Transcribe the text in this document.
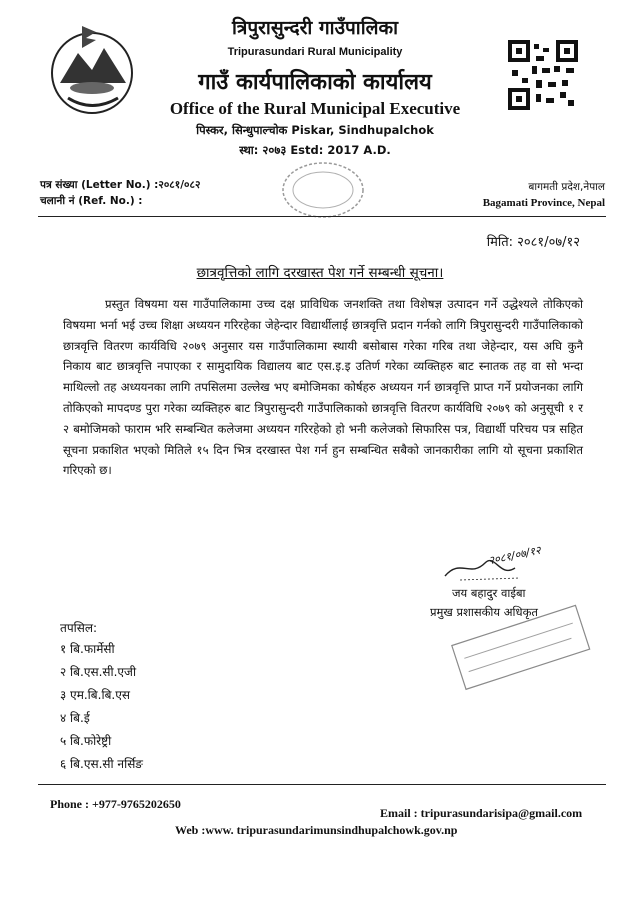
त्रिपुरासुन्दरी गाउँपालिका
Tripurasundari Rural Municipality
गाउँ कार्यपालिकाको कार्यालय
Office of the Rural Municipal Executive
पिस्कर, सिन्धुपाल्चोक Piskar, Sindhupalchok
स्था: २०७३ Estd: 2017 A.D.
पत्र संख्या (Letter No.) :२०८१/०८२
चलानी नं (Ref. No.) :
बागमती प्रदेश,नेपाल
Bagamati Province, Nepal
मिति: २०८१/०७/१२
छात्रवृत्तिको लागि दरखास्त पेश गर्ने सम्बन्धी सूचना।

प्रस्तुत विषयमा यस गाउँपालिकामा उच्च दक्ष प्राविधिक जनशक्ति तथा विशेषज्ञ उत्पादन गर्ने उद्धेश्यले तोकिएको विषयमा भर्ना भई उच्च शिक्षा अध्ययन गरिरहेका जेहेन्दार विद्यार्थीलाई छात्रवृत्ति प्रदान गर्नको लागि त्रिपुरासुन्दरी गाउँपालिकाको छात्रवृत्ति वितरण कार्यविधि २०७९ अनुसार यस गाउँपालिकामा स्थायी बसोबास गरेका गरिब तथा जेहेन्दार, यस अघि कुनै निकाय बाट छात्रवृत्ति नपाएका र सामुदायिक विद्यालय बाट एस.इ.इ उतिर्ण गरेका व्यक्तिहरु बाट स्नातक तह वा सो भन्दा माथिल्लो तह अध्ययनका लागि तपसिलमा उल्लेख भए बमोजिमका कोर्षहरु अध्ययन गर्न छात्रवृत्ति प्राप्त गर्ने प्रयोजनका लागि तोकिएको मापदण्ड पुरा गरेका व्यक्तिहरु बाट त्रिपुरासुन्दरी गाउँपालिकाको छात्रवृत्ति वितरण कार्यविधि २०७९ को अनुसूची १ र २ बमोजिमको फाराम भरि सम्बन्धित कलेजमा अध्ययन गरिरहेको हो भनी कलेजको सिफारिस पत्र, विद्यार्थी परिचय पत्र सहित सूचना प्रकाशित भएको मितिले १५ दिन भित्र दरखास्त पेश गर्न हुन सम्बन्धित सबैको जानकारीका लागि यो सूचना प्रकाशित गरिएको छ।

२०८१/०७/१२
जय बहादुर वाईबा
प्रमुख प्रशासकीय अधिकृत
तपसिल:
१ बि.फार्मेसी
२ बि.एस.सी.एजी
३ एम.बि.बि.एस
४ बि.ई
५ बि.फोरेष्ट्री
६ बि.एस.सी नर्सिङ
Phone : +977-9765202650
Email : tripurasundarisipa@gmail.com
Web :www. tripurasundarimunsindhupalchowk.gov.np
